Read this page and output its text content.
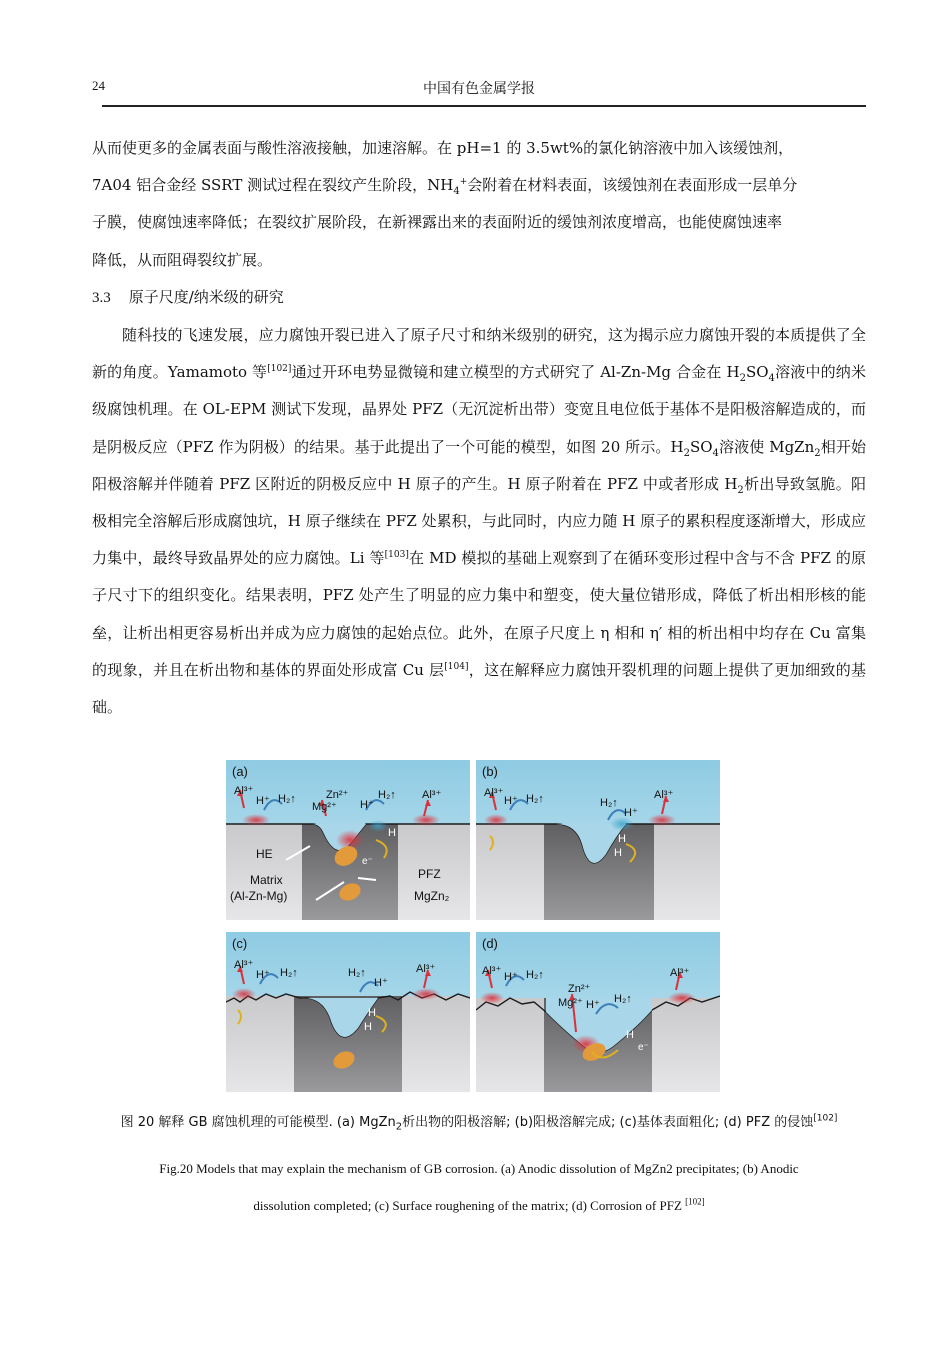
24	中国有色金属学报

从而使更多的金属表面与酸性溶液接触，加速溶解。在 pH=1 的 3.5wt%的氯化钠溶液中加入该缓蚀剂，
7A04 铝合金经 SSRT 测试过程在裂纹产生阶段，$NH_4^+$会附着在材料表面，该缓蚀剂在表面形成一层单分
子膜，使腐蚀速率降低；在裂纹扩展阶段，在新裸露出来的表面附近的缓蚀剂浓度增高，也能使腐蚀速率
降低，从而阻碍裂纹扩展。

3.3 原子尺度/纳米级的研究

随科技的飞速发展，应力腐蚀开裂已进入了原子尺寸和纳米级别的研究，这为揭示应力腐蚀开裂的本质提供了全新的角度。Yamamoto 等[102]通过开环电势显微镜和建立模型的方式研究了 Al-Zn-Mg 合金在 $H_2SO_4$溶液中的纳米级腐蚀机理。在 OL-EPM 测试下发现，晶界处 PFZ（无沉淀析出带）变宽且电位低于基体不是阳极溶解造成的，而是阴极反应（PFZ 作为阴极）的结果。基于此提出了一个可能的模型，如图 20 所示。$H_2SO_4$溶液使 MgZn$_2$相开始阳极溶解并伴随着 PFZ 区附近的阴极反应中 H 原子的产生。H 原子附着在 PFZ 中或者形成 $H_2$析出导致氢脆。阳极相完全溶解后形成腐蚀坑，H 原子继续在 PFZ 处累积，与此同时，内应力随 H 原子的累积程度逐渐增大，形成应力集中，最终导致晶界处的应力腐蚀。Li 等[103]在 MD 模拟的基础上观察到了在循环变形过程中含与不含 PFZ 的原子尺寸下的组织变化。结果表明，PFZ 处产生了明显的应力集中和塑变，使大量位错形成，降低了析出相形核的能垒，让析出相更容易析出并成为应力腐蚀的起始点位。此外，在原子尺度上 η 相和 η′ 相的析出相中均存在 Cu 富集的现象，并且在析出物和基体的界面处形成富 Cu 层[104]，这在解释应力腐蚀开裂机理的问题上提供了更加细致的基础。

Al³⁺
H⁺ H₂↑	Zn²⁺
Mg²⁺ H⁺
H₂↑ Al³⁺
H
e⁻
HE
Matrix
(Al-Zn-Mg)
PFZ
MgZn₂
(a)
Al³⁺
H⁺ H₂↑	H₂↑
H⁺
Al³⁺
H
H
(b)
Al³⁺
H⁺ H₂↑	H₂↑
H⁺
Al³⁺
H
H
(c)
Al³⁺ H⁺ H₂↑
Zn²⁺
Mg²⁺ H⁺ H₂↑
Al³⁺
H
e⁻
(d)
图 20 解释 GB 腐蚀机理的可能模型. (a) MgZn$_2$析出物的阳极溶解; (b)阳极溶解完成; (c)基体表面粗化; (d) PFZ 的侵蚀[102]
Fig.20 Models that may explain the mechanism of GB corrosion. (a) Anodic dissolution of MgZn2 precipitates; (b) Anodic
dissolution completed; (c) Surface roughening of the matrix; (d) Corrosion of PFZ [102]
